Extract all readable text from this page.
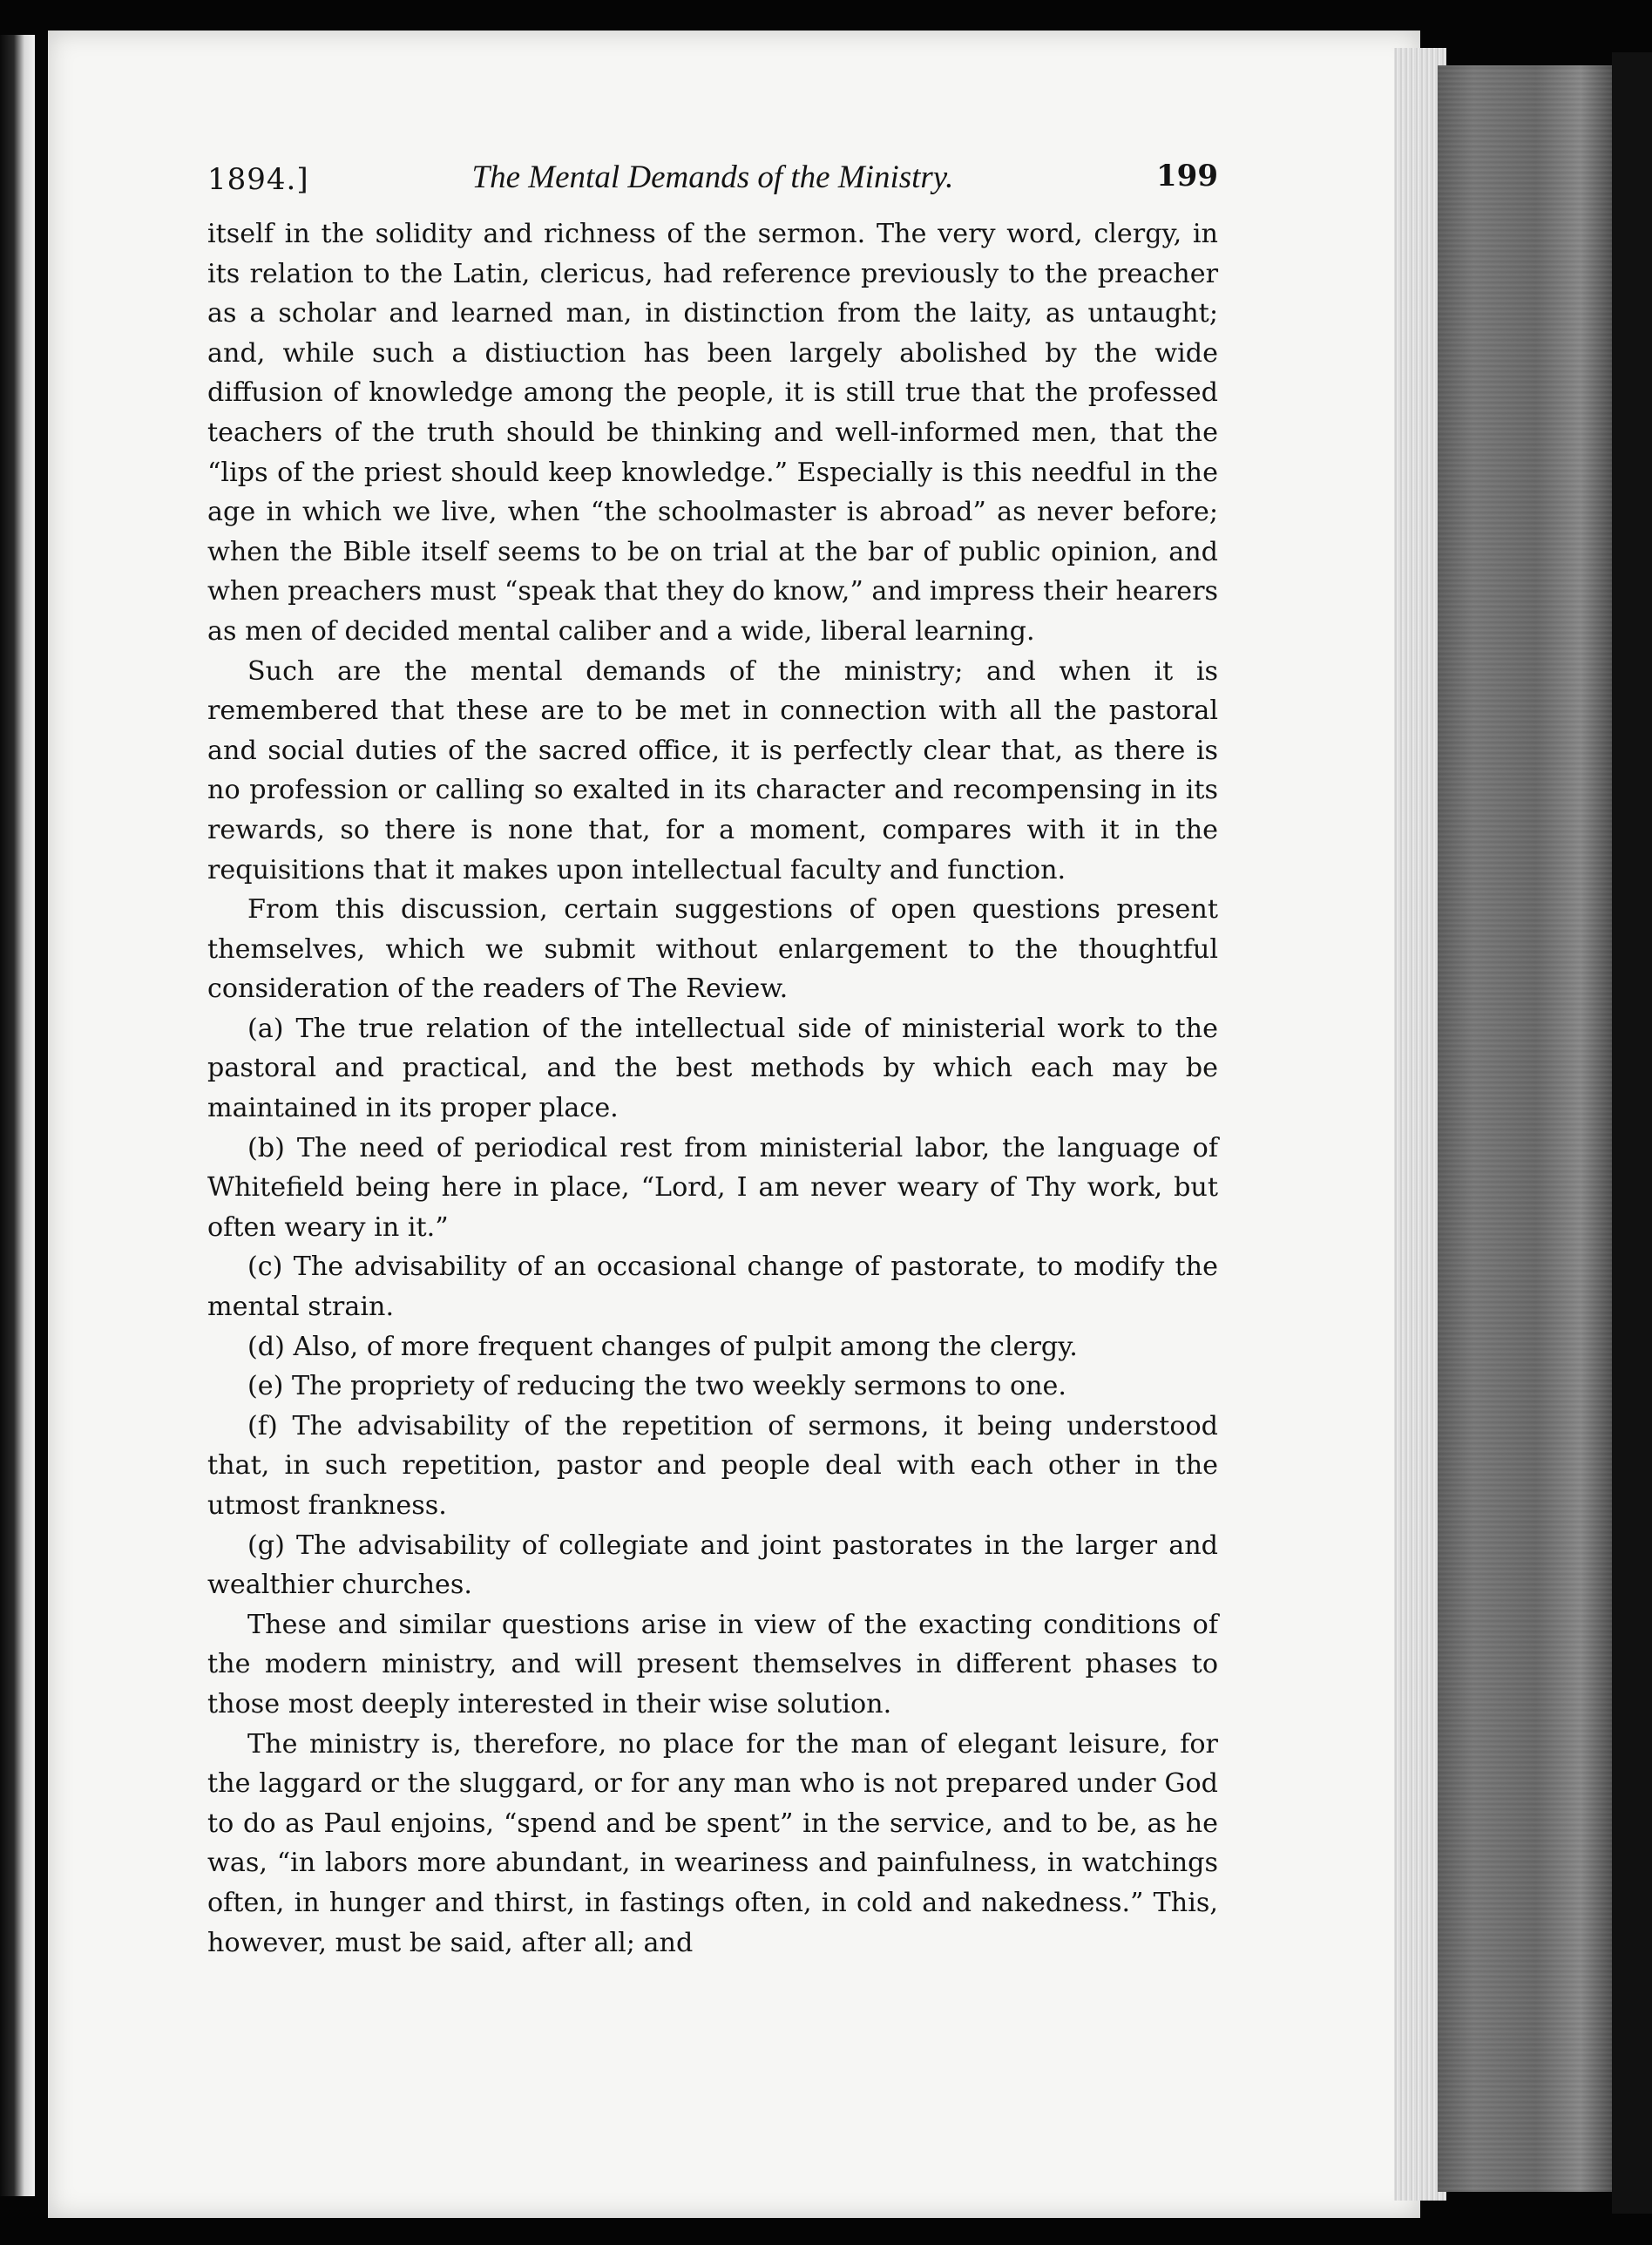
1894.]	The Mental Demands of the Ministry.	199

itself in the solidity and richness of the sermon. The very word, clergy, in its relation to the Latin, clericus, had reference previously to the preacher as a scholar and learned man, in distinction from the laity, as untaught; and, while such a distiuction has been largely abolished by the wide diffusion of knowledge among the people, it is still true that the professed teachers of the truth should be thinking and well-informed men, that the “lips of the priest should keep knowledge.” Especially is this needful in the age in which we live, when “the schoolmaster is abroad” as never before; when the Bible itself seems to be on trial at the bar of public opinion, and when preachers must “speak that they do know,” and impress their hearers as men of decided mental caliber and a wide, liberal learning.

Such are the mental demands of the ministry; and when it is remembered that these are to be met in connection with all the pastoral and social duties of the sacred office, it is perfectly clear that, as there is no profession or calling so exalted in its character and recompensing in its rewards, so there is none that, for a moment, compares with it in the requisitions that it makes upon intellectual faculty and function.

From this discussion, certain suggestions of open questions present themselves, which we submit without enlargement to the thoughtful consideration of the readers of The Review.

(a) The true relation of the intellectual side of ministerial work to the pastoral and practical, and the best methods by which each may be maintained in its proper place.

(b) The need of periodical rest from ministerial labor, the language of Whitefield being here in place, “Lord, I am never weary of Thy work, but often weary in it.”

(c) The advisability of an occasional change of pastorate, to modify the mental strain.

(d) Also, of more frequent changes of pulpit among the clergy.

(e) The propriety of reducing the two weekly sermons to one.

(f) The advisability of the repetition of sermons, it being understood that, in such repetition, pastor and people deal with each other in the utmost frankness.

(g) The advisability of collegiate and joint pastorates in the larger and wealthier churches.

These and similar questions arise in view of the exacting conditions of the modern ministry, and will present themselves in different phases to those most deeply interested in their wise solution.

The ministry is, therefore, no place for the man of elegant leisure, for the laggard or the sluggard, or for any man who is not prepared under God to do as Paul enjoins, “spend and be spent” in the service, and to be, as he was, “in labors more abundant, in weariness and painfulness, in watchings often, in hunger and thirst, in fastings often, in cold and nakedness.” This, however, must be said, after all; and
